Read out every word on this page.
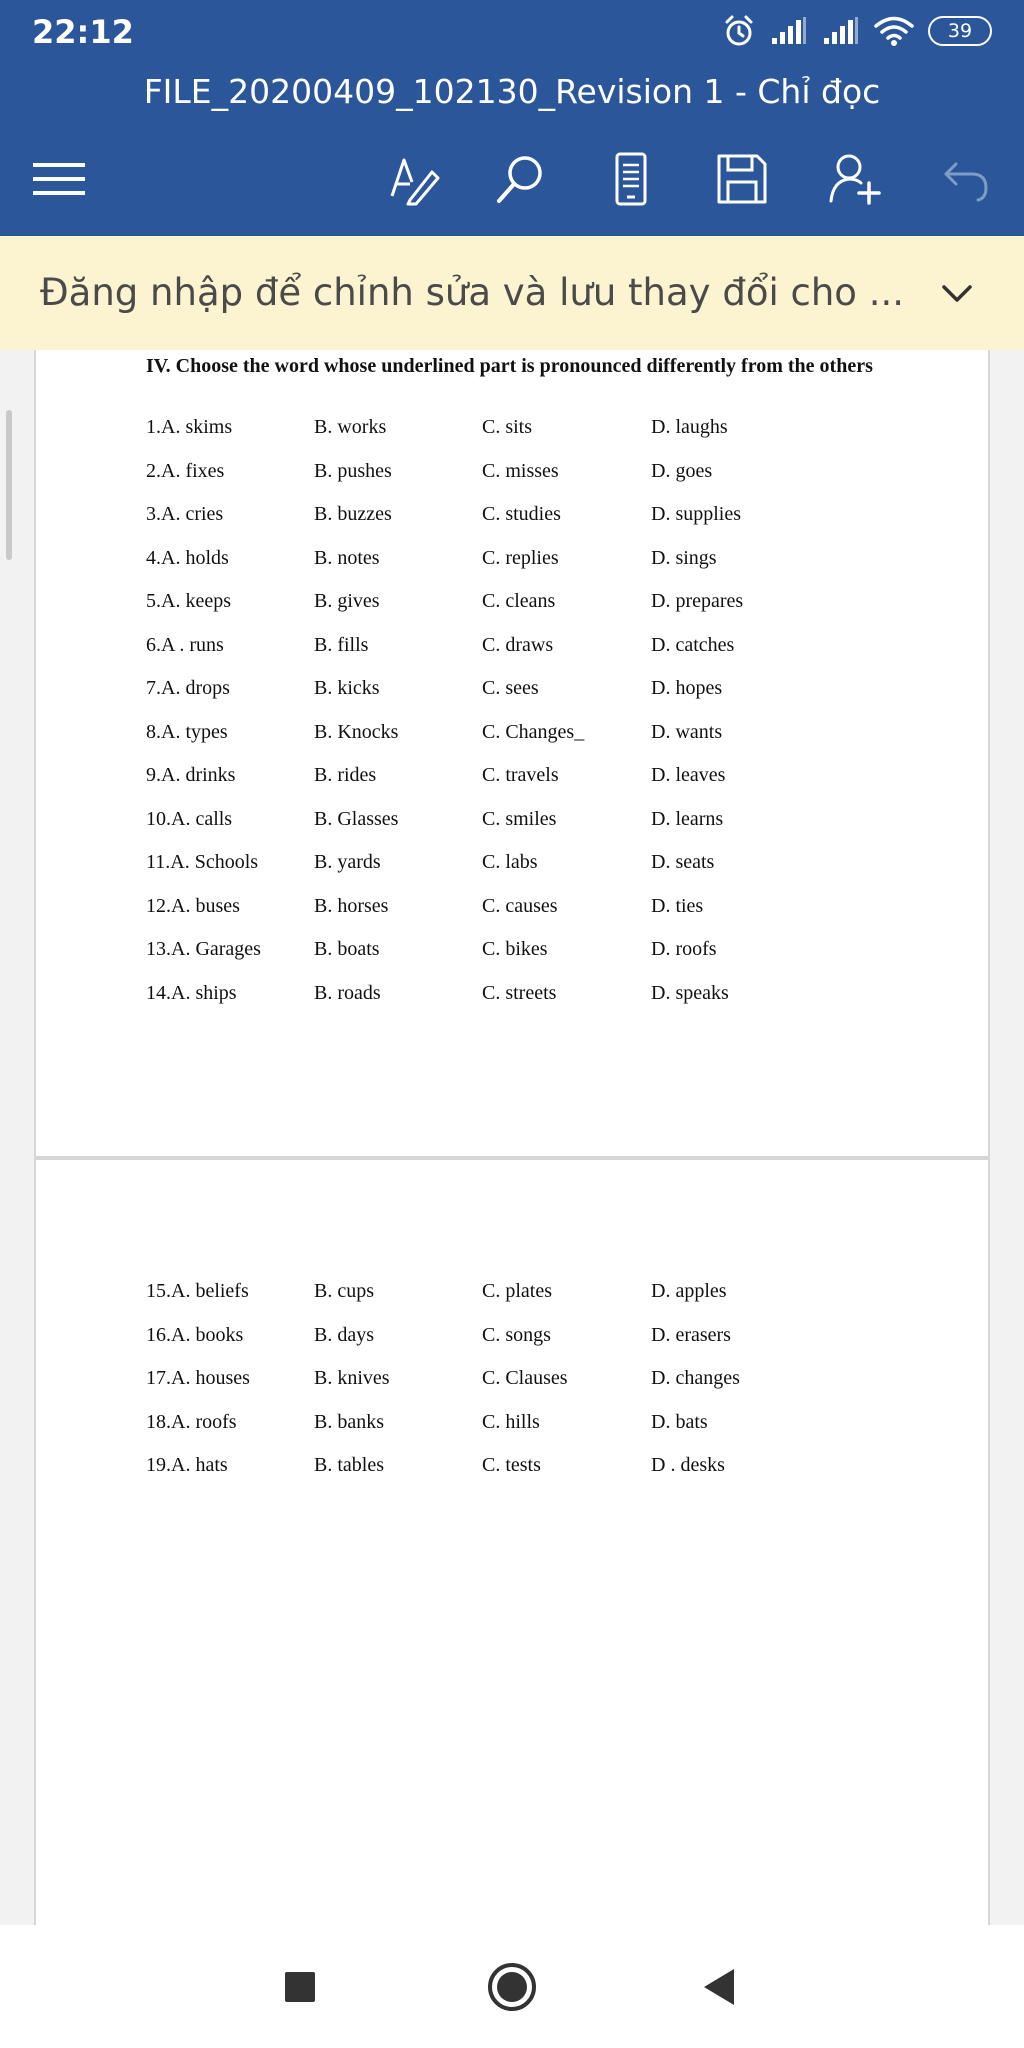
22:12	39
FILE_20200409_102130_Revision 1 - Chỉ đọc
Đăng nhập để chỉnh sửa và lưu thay đổi cho ...
IV. Choose the word whose underlined part is pronounced differently from the others
1.A. skims	B. works	C. sits	D. laughs
2.A. fixes	B. pushes	C. misses	D. goes
3.A. cries	B. buzzes	C. studies	D. supplies
4.A. holds	B. notes	C. replies	D. sings
5.A. keeps	B. gives	C. cleans	D. prepares
6.A . runs	B. fills	C. draws	D. catches
7.A. drops	B. kicks	C. sees	D. hopes
8.A. types	B. Knocks	C. Changes_	D. wants
9.A. drinks	B. rides	C. travels	D. leaves
10.A. calls	B. Glasses	C. smiles	D. learns
11.A. Schools	B. yards	C. labs	D. seats
12.A. buses	B. horses	C. causes	D. ties
13.A. Garages	B. boats	C. bikes	D. roofs
14.A. ships	B. roads	C. streets	D. speaks
15.A. beliefs	B. cups	C. plates	D. apples
16.A. books	B. days	C. songs	D. erasers
17.A. houses	B. knives	C. Clauses	D. changes
18.A. roofs	B. banks	C. hills	D. bats
19.A. hats	B. tables	C. tests	D . desks
